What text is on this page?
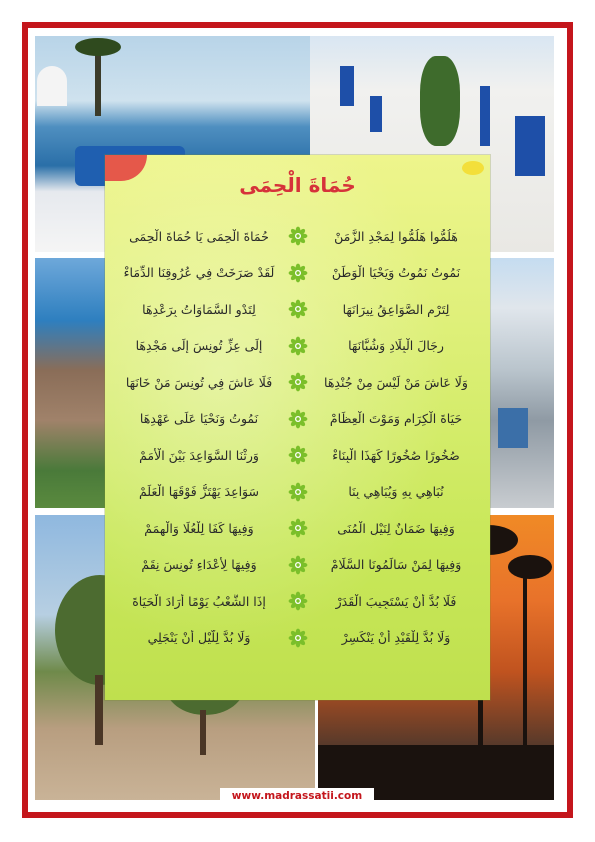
حُمَاةَ الْحِمَى
حُمَاةَ الْحِمَى يَا حُمَاةَ الْحِمَى	هَلُمُّوا هَلُمُّوا لِمَجْدِ الزَّمَنْ
لَقَدْ صَرَخَتْ فِي عُرُوقِنَا الدِّمَاءْ	نَمُوتُ نَمُوتُ وَيَحْيَا الْوَطَنْ
لِتَدْوِ السَّمَاوَاتُ بِرَعْدِهَا	لِتَرْمِ الصَّوَاعِقُ نِيرَانَهَا
إِلَى عِزِّ تُونِسَ إِلَى مَجْدِهَا	رِجَالَ الْبِلَادِ وَشُبَّانَهَا
فَلَا عَاشَ فِي تُونِسَ مَنْ خَانَهَا	وَلَا عَاشَ مَنْ لَيْسَ مِنْ جُنْدِهَا
نَمُوتُ وَنَحْيَا عَلَى عَهْدِهَا	حَيَاةَ الْكِرَامِ وَمَوْتَ الْعِظَامْ
وَرِثْنَا السَّوَاعِدَ بَيْنَ الْأُمَمْ	صُخُورًا صُخُورًا كَهَذَا الْبِنَاءْ
سَوَاعِدَ يَهْتَزُّ فَوْقَهَا الْعَلَمْ	نُبَاهِي بِهِ وَيُبَاهِي بِنَا
وَفِيهَا كَفَا لِلْعُلَا وَالْهِمَمْ	وَفِيهَا ضَمَانٌ لِنَيْلِ الْمُنَى
وَفِيهَا لِأَعْدَاءِ تُونِسَ نِقَمْ	وَفِيهَا لِمَنْ سَالَمُونَا السَّلَامْ
إِذَا الشَّعْبُ يَوْمًا أَرَادَ الْحَيَاةَ	فَلَا بُدَّ أَنْ يَسْتَجِيبَ الْقَدَرْ
وَلَا بُدَّ لِلَّيْلِ أَنْ يَنْجَلِي	وَلَا بُدَّ لِلْقَيْدِ أَنْ يَنْكَسِرْ
www.madrassatii.com
